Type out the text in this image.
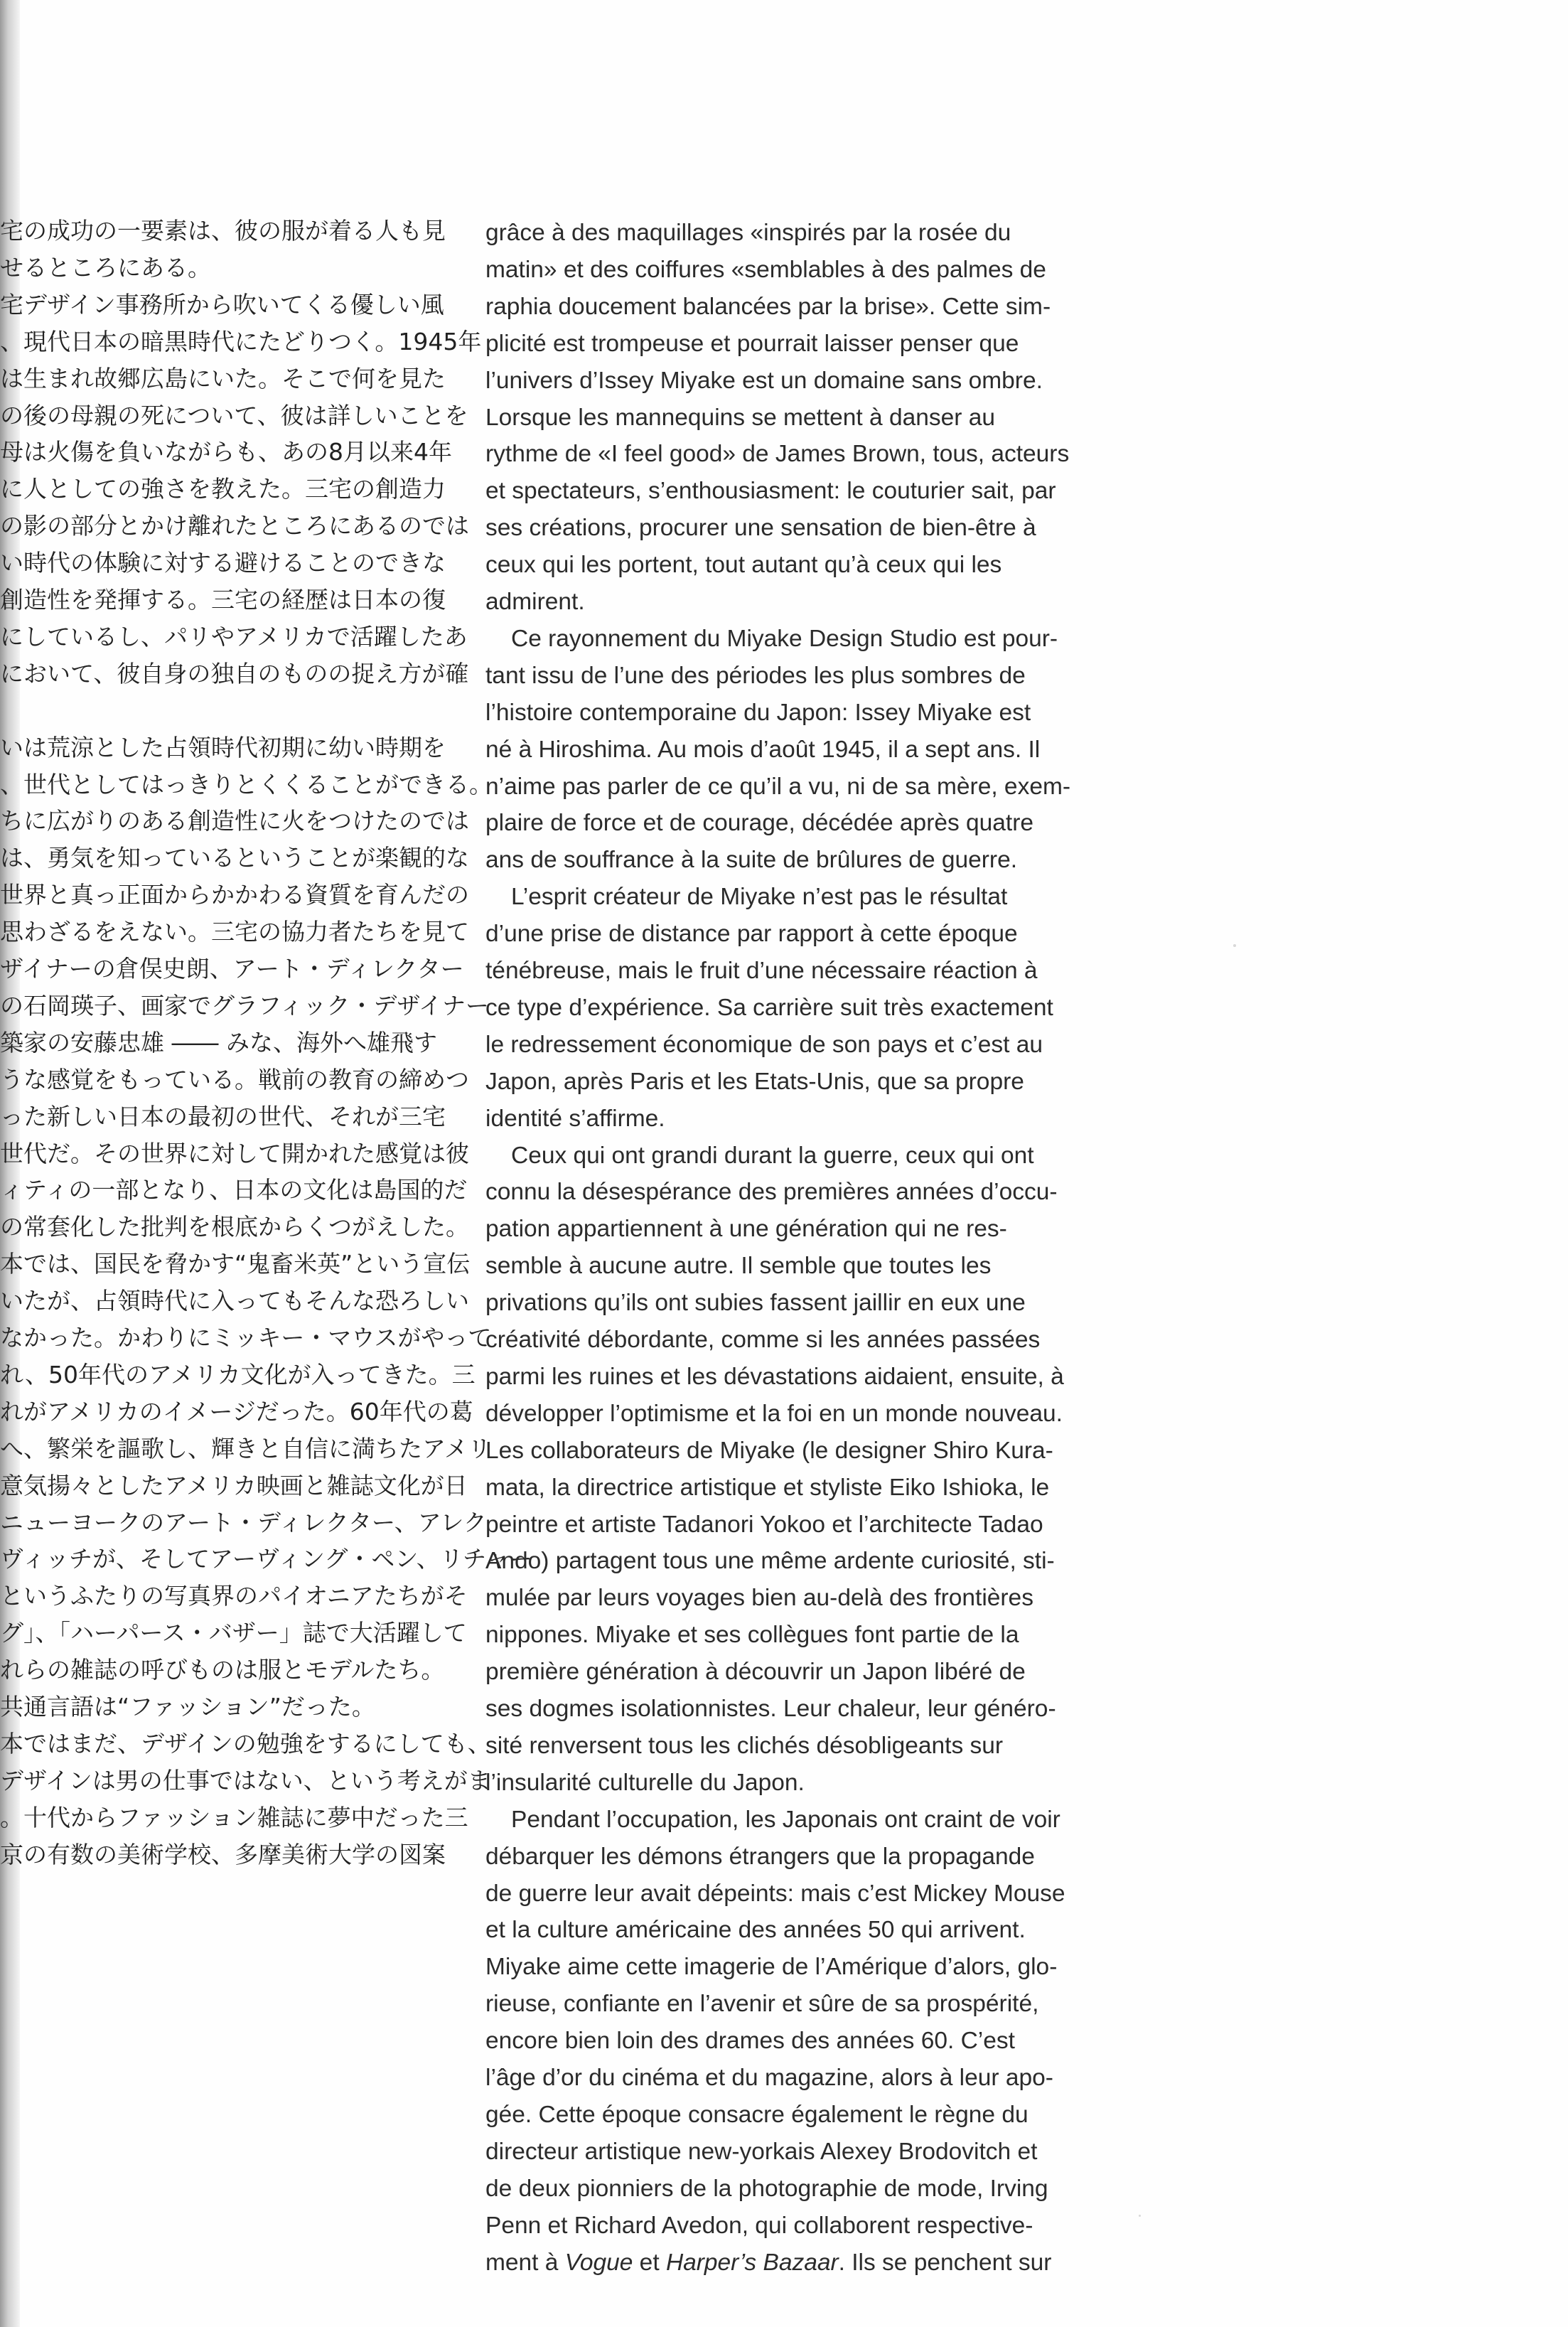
宅の成功の一要素は、彼の服が着る人も見
せるところにある。
宅デザイン事務所から吹いてくる優しい風
、現代日本の暗黒時代にたどりつく。1945年
は生まれ故郷広島にいた。そこで何を見た
の後の母親の死について、彼は詳しいことを
母は火傷を負いながらも、あの8月以来4年
に人としての強さを教えた。三宅の創造力
の影の部分とかけ離れたところにあるのでは
い時代の体験に対する避けることのできな
創造性を発揮する。三宅の経歴は日本の復
にしているし、パリやアメリカで活躍したあ
において、彼自身の独自のものの捉え方が確
いは荒涼とした占領時代初期に幼い時期を
、世代としてはっきりとくくることができる。
ちに広がりのある創造性に火をつけたのでは
は、勇気を知っているということが楽観的な
世界と真っ正面からかかわる資質を育んだの
思わざるをえない。三宅の協力者たちを見て
ザイナーの倉俣史朗、アート・ディレクター
の石岡瑛子、画家でグラフィック・デザイナー
築家の安藤忠雄 ―― みな、海外へ雄飛す
うな感覚をもっている。戦前の教育の締めつ
った新しい日本の最初の世代、それが三宅
世代だ。その世界に対して開かれた感覚は彼
ィティの一部となり、日本の文化は島国的だ
の常套化した批判を根底からくつがえした。
本では、国民を脅かす“鬼畜米英”という宣伝
いたが、占領時代に入ってもそんな恐ろしい
なかった。かわりにミッキー・マウスがやって
れ、50年代のアメリカ文化が入ってきた。三
れがアメリカのイメージだった。60年代の葛
へ、繁栄を謳歌し、輝きと自信に満ちたアメリ
意気揚々としたアメリカ映画と雑誌文化が日
ニューヨークのアート・ディレクター、アレク
ヴィッチが、そしてアーヴィング・ペン、リチャー
というふたりの写真界のパイオニアたちがそ
グ」、「ハーパース・バザー」誌で大活躍して
れらの雑誌の呼びものは服とモデルたち。
共通言語は“ファッション”だった。
本ではまだ、デザインの勉強をするにしても、
デザインは男の仕事ではない、という考えがま
。十代からファッション雑誌に夢中だった三
京の有数の美術学校、多摩美術大学の図案
grâce à des maquillages «inspirés par la rosée du
matin» et des coiffures «semblables à des palmes de
raphia doucement balancées par la brise». Cette sim-
plicité est trompeuse et pourrait laisser penser que
l’univers d’Issey Miyake est un domaine sans ombre.
Lorsque les mannequins se mettent à danser au
rythme de «I feel good» de James Brown, tous, acteurs
et spectateurs, s’enthousiasment: le couturier sait, par
ses créations, procurer une sensation de bien-être à
ceux qui les portent, tout autant qu’à ceux qui les
admirent.
Ce rayonnement du Miyake Design Studio est pour-
tant issu de l’une des périodes les plus sombres de
l’histoire contemporaine du Japon: Issey Miyake est
né à Hiroshima. Au mois d’août 1945, il a sept ans. Il
n’aime pas parler de ce qu’il a vu, ni de sa mère, exem-
plaire de force et de courage, décédée après quatre
ans de souffrance à la suite de brûlures de guerre.
L’esprit créateur de Miyake n’est pas le résultat
d’une prise de distance par rapport à cette époque
ténébreuse, mais le fruit d’une nécessaire réaction à
ce type d’expérience. Sa carrière suit très exactement
le redressement économique de son pays et c’est au
Japon, après Paris et les Etats-Unis, que sa propre
identité s’affirme.
Ceux qui ont grandi durant la guerre, ceux qui ont
connu la désespérance des premières années d’occu-
pation appartiennent à une génération qui ne res-
semble à aucune autre. Il semble que toutes les
privations qu’ils ont subies fassent jaillir en eux une
créativité débordante, comme si les années passées
parmi les ruines et les dévastations aidaient, ensuite, à
développer l’optimisme et la foi en un monde nouveau.
Les collaborateurs de Miyake (le designer Shiro Kura-
mata, la directrice artistique et styliste Eiko Ishioka, le
peintre et artiste Tadanori Yokoo et l’architecte Tadao
Ando) partagent tous une même ardente curiosité, sti-
mulée par leurs voyages bien au-delà des frontières
nippones. Miyake et ses collègues font partie de la
première génération à découvrir un Japon libéré de
ses dogmes isolationnistes. Leur chaleur, leur généro-
sité renversent tous les clichés désobligeants sur
l’insularité culturelle du Japon.
Pendant l’occupation, les Japonais ont craint de voir
débarquer les démons étrangers que la propagande
de guerre leur avait dépeints: mais c’est Mickey Mouse
et la culture américaine des années 50 qui arrivent.
Miyake aime cette imagerie de l’Amérique d’alors, glo-
rieuse, confiante en l’avenir et sûre de sa prospérité,
encore bien loin des drames des années 60. C’est
l’âge d’or du cinéma et du magazine, alors à leur apo-
gée. Cette époque consacre également le règne du
directeur artistique new-yorkais Alexey Brodovitch et
de deux pionniers de la photographie de mode, Irving
Penn et Richard Avedon, qui collaborent respective-
ment à Vogue et Harper’s Bazaar. Ils se penchent sur
